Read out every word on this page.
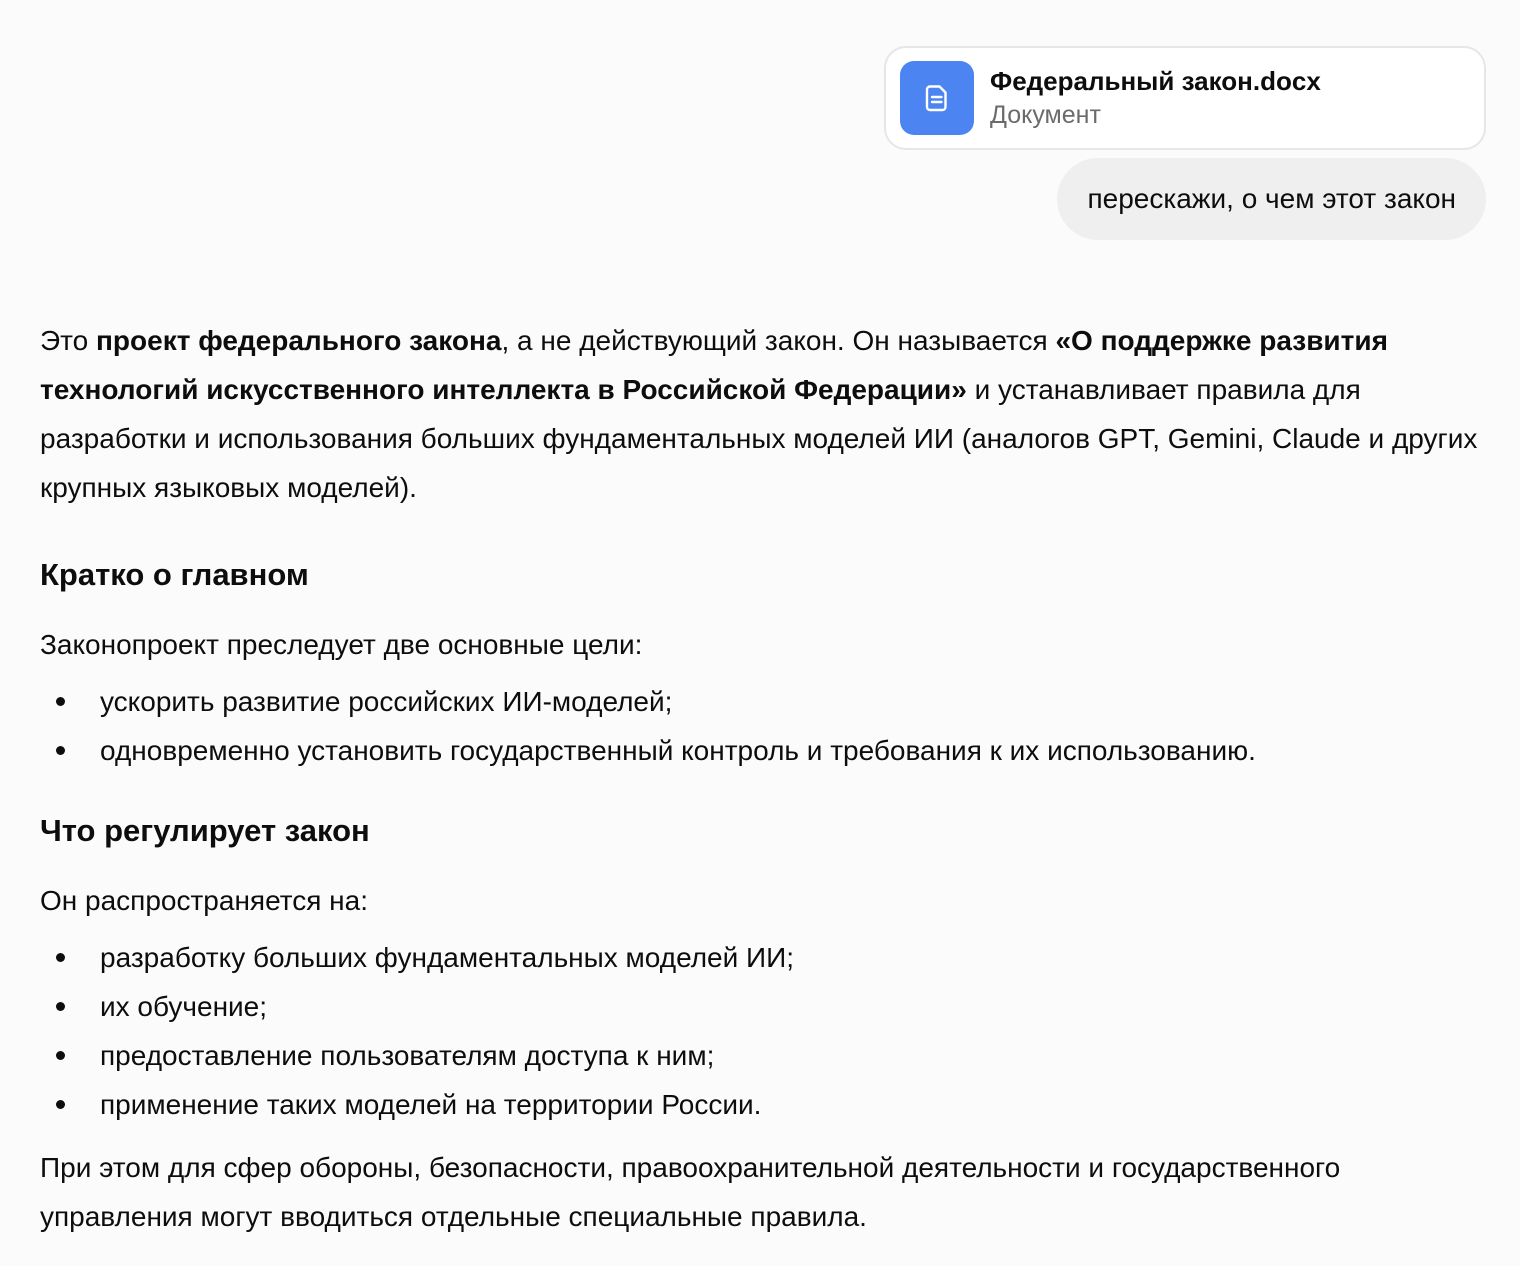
Федеральный закон.docx
Документ
перескажи, о чем этот закон

Это проект федерального закона, а не действующий закон. Он называется «О поддержке развития технологий искусственного интеллекта в Российской Федерации» и устанавливает правила для разработки и использования больших фундаментальных моделей ИИ (аналогов GPT, Gemini, Claude и других крупных языковых моделей).

Кратко о главном

Законопроект преследует две основные цели:

ускорить развитие российских ИИ-моделей;
одновременно установить государственный контроль и требования к их использованию.
Что регулирует закон

Он распространяется на:

разработку больших фундаментальных моделей ИИ;
их обучение;
предоставление пользователям доступа к ним;
применение таких моделей на территории России.

При этом для сфер обороны, безопасности, правоохранительной деятельности и государственного управления могут вводиться отдельные специальные правила.
